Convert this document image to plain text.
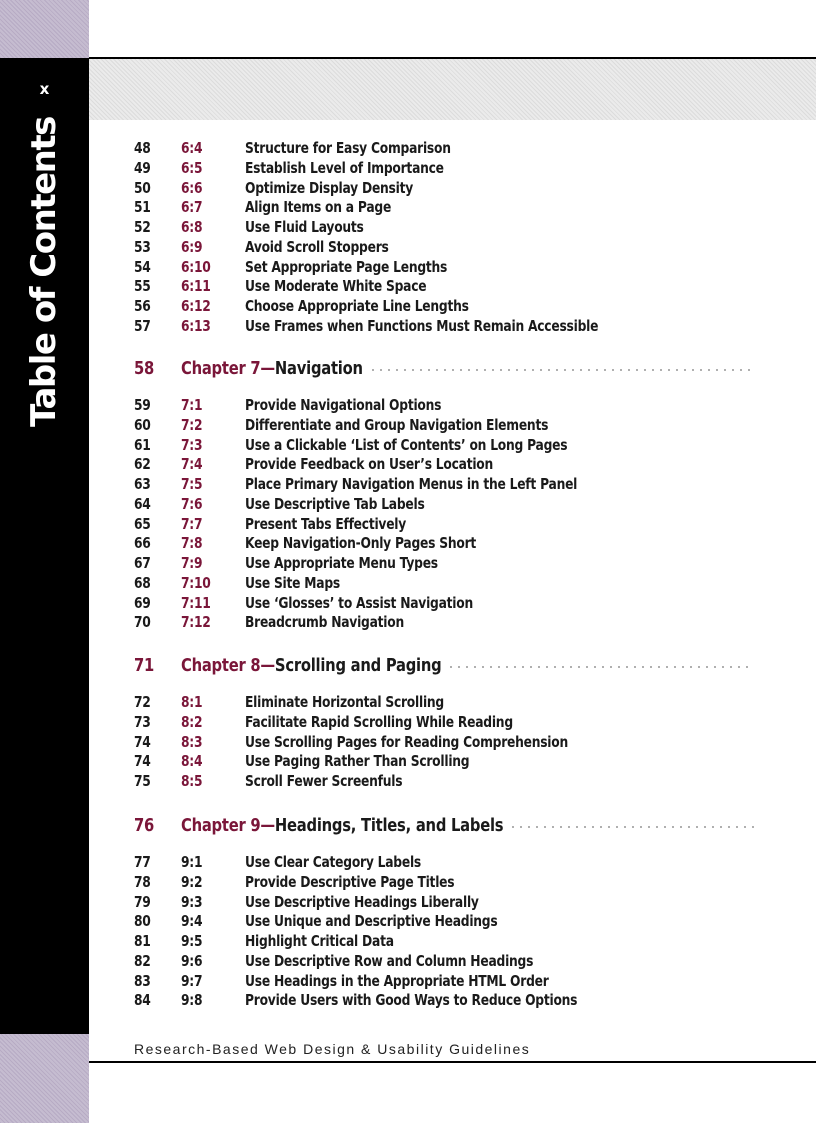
x
Table of Contents	48 6:4	Structure for Easy Comparison
49 6:5	Establish Level of Importance
50 6:6	Optimize Display Density
51 6:7	Align Items on a Page
52 6:8	Use Fluid Layouts
53 6:9	Avoid Scroll Stoppers
54 6:10 Set Appropriate Page Lengths
55 6:11 Use Moderate White Space
56 6:12 Choose Appropriate Line Lengths
57 6:13 Use Frames when Functions Must Remain Accessible
58 Chapter 7—Navigation
59 7:1	Provide Navigational Options
60 7:2	Differentiate and Group Navigation Elements
61 7:3	Use a Clickable ‘List of Contents’ on Long Pages
62 7:4	Provide Feedback on User’s Location
63 7:5	Place Primary Navigation Menus in the Left Panel
64 7:6	Use Descriptive Tab Labels
65 7:7	Present Tabs Effectively
66 7:8	Keep Navigation-Only Pages Short
67 7:9	Use Appropriate Menu Types
68 7:10 Use Site Maps
69 7:11 Use ‘Glosses’ to Assist Navigation
70 7:12 Breadcrumb Navigation
71 Chapter 8—Scrolling and Paging
72 8:1	Eliminate Horizontal Scrolling
73 8:2	Facilitate Rapid Scrolling While Reading
74 8:3	Use Scrolling Pages for Reading Comprehension
74 8:4	Use Paging Rather Than Scrolling
75 8:5	Scroll Fewer Screenfuls
76 Chapter 9—Headings, Titles, and Labels
77 9:1	Use Clear Category Labels
78 9:2	Provide Descriptive Page Titles
79 9:3	Use Descriptive Headings Liberally
80 9:4	Use Unique and Descriptive Headings
81 9:5	Highlight Critical Data
82 9:6	Use Descriptive Row and Column Headings
83 9:7	Use Headings in the Appropriate HTML Order
84 9:8	Provide Users with Good Ways to Reduce Options
Research-Based Web Design & Usability Guidelines
